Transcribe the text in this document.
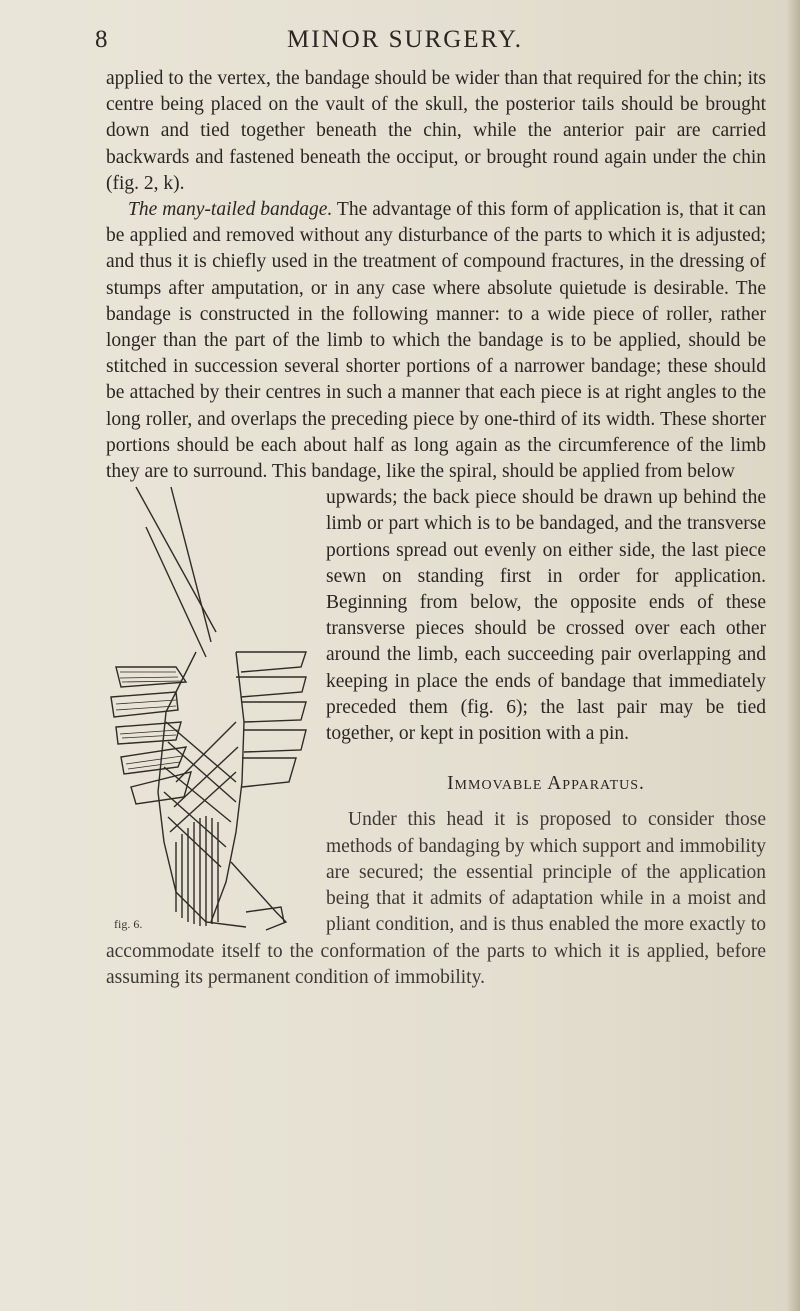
8	MINOR SURGERY.

applied to the vertex, the bandage should be wider than that required for the chin; its centre being placed on the vault of the skull, the posterior tails should be brought down and tied together beneath the chin, while the anterior pair are carried backwards and fastened beneath the occiput, or brought round again under the chin (fig. 2, k).

The many-tailed bandage. The advantage of this form of application is, that it can be applied and removed without any disturbance of the parts to which it is adjusted; and thus it is chiefly used in the treatment of compound fractures, in the dressing of stumps after amputation, or in any case where absolute quietude is desirable. The bandage is constructed in the following manner: to a wide piece of roller, rather longer than the part of the limb to which the bandage is to be applied, should be stitched in succession several shorter portions of a narrower bandage; these should be attached by their centres in such a manner that each piece is at right angles to the long roller, and overlaps the preceding piece by one-third of its width. These shorter portions should be each about half as long again as the circumference of the limb they are to surround. This bandage, like the spiral, should be applied from below

upwards; the back piece should be drawn up behind the limb or part which is to be bandaged, and the transverse portions spread out evenly on either side, the last piece sewn on standing first in order for application. Beginning from below, the opposite ends of these transverse pieces should be crossed over each other around the limb, each succeeding pair overlapping and keeping in place the ends of bandage that immediately preceded them (fig. 6); the last pair may be tied together, or kept in position with a pin.

Immovable Apparatus.

Under this head it is proposed to consider those methods of bandaging by which support and immobility are secured; the essential principle of the application being that it admits of adaptation while in a moist and pliant condition, and is thus enabled the more exactly to accommodate itself to the conformation of the parts to which it is applied, before assuming its permanent condition of immobility.

fig. 6.
